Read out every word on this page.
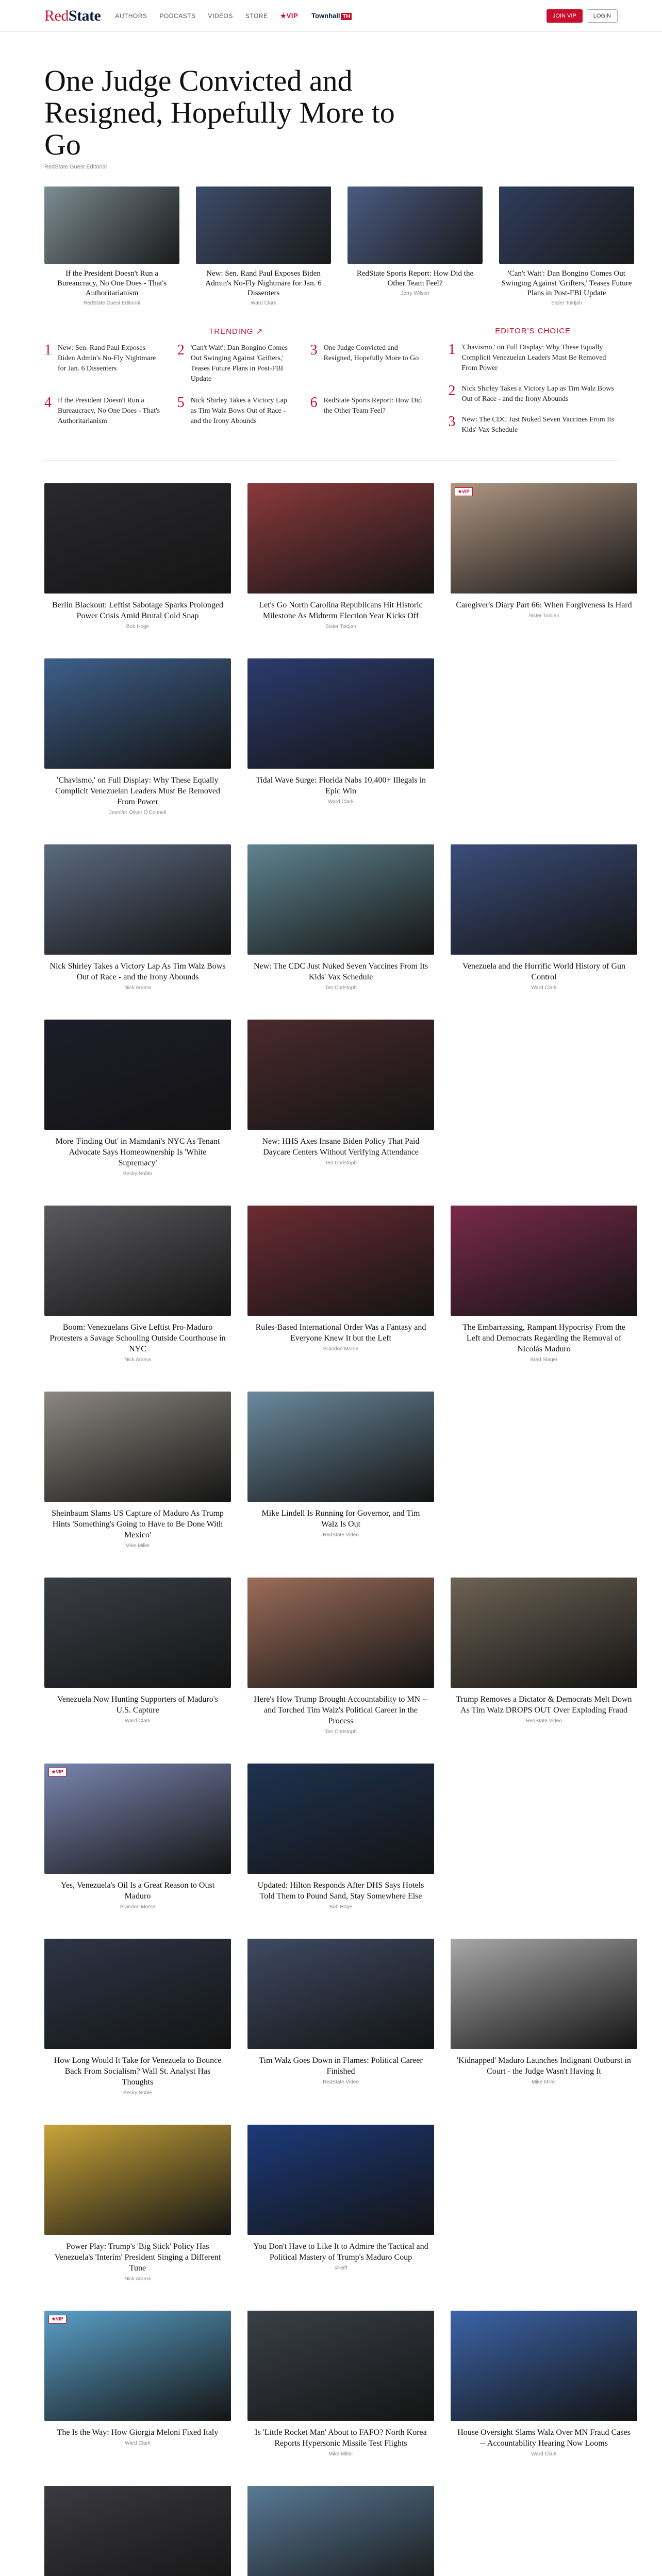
RedState AUTHORS PODCASTS VIDEOS STORE ★VIP Townhall TH	JOIN VIP	LOGIN
One Judge Convicted and Resigned, Hopefully More to Go
RedState Guest Editorial
If the President Doesn't Run a Bureaucracy, No One Does - That's Authoritarianism
RedState Guest Editorial
New: Sen. Rand Paul Exposes Biden Admin's No-Fly Nightmare for Jan. 6 Dissenters
Ward Clark
RedState Sports Report: How Did the Other Team Feel?
Jerry Wilson
'Can't Wait': Dan Bongino Comes Out Swinging Against 'Grifters,' Teases Future Plans in Post-FBI Update
Sister Toldjah
TRENDING ↗
1 New: Sen. Rand Paul Exposes Biden Admin's No-Fly Nightmare for Jan. 6 Dissenters
2 'Can't Wait': Dan Bongino Comes Out Swinging Against 'Grifters,' Teases Future Plans in Post-FBI Update
3 One Judge Convicted and Resigned, Hopefully More to Go
4 If the President Doesn't Run a Bureaucracy, No One Does - That's Authoritarianism
5 Nick Shirley Takes a Victory Lap as Tim Walz Bows Out of Race - and the Irony Abounds
6 RedState Sports Report: How Did the Other Team Feel?
EDITOR'S CHOICE
1 'Chavismo,' on Full Display: Why These Equally Complicit Venezuelan Leaders Must Be Removed From Power
2 Nick Shirley Takes a Victory Lap as Tim Walz Bows Out of Race - and the Irony Abounds
3 New: The CDC Just Nuked Seven Vaccines From Its Kids' Vax Schedule
Berlin Blackout: Leftist Sabotage Sparks Prolonged Power Crisis Amid Brutal Cold Snap
Bob Hoge
Let's Go North Carolina Republicans Hit Historic Milestone As Midterm Election Year Kicks Off
Sister Toldjah
★VIP
Caregiver's Diary Part 66: When Forgiveness Is Hard
Sister Toldjah
'Chavismo,' on Full Display: Why These Equally Complicit Venezuelan Leaders Must Be Removed From Power
Jennifer Oliver O'Connell
Tidal Wave Surge: Florida Nabs 10,400+ Illegals in Epic Win
Ward Clark
Nick Shirley Takes a Victory Lap As Tim Walz Bows Out of Race - and the Irony Abounds
Nick Arama
New: The CDC Just Nuked Seven Vaccines From Its Kids' Vax Schedule
Teri Christoph
Venezuela and the Horrific World History of Gun Control
Ward Clark
More 'Finding Out' in Mamdani's NYC As Tenant Advocate Says Homeownership Is 'White Supremacy'
Becky Noble
New: HHS Axes Insane Biden Policy That Paid Daycare Centers Without Verifying Attendance
Teri Christoph
Boom: Venezuelans Give Leftist Pro-Maduro Protesters a Savage Schooling Outside Courthouse in NYC
Nick Arama
Rules-Based International Order Was a Fantasy and Everyone Knew It but the Left
Brandon Morse
The Embarrassing, Rampant Hypocrisy From the Left and Democrats Regarding the Removal of Nicolás Maduro
Brad Slager
Sheinbaum Slams US Capture of Maduro As Trump Hints 'Something's Going to Have to Be Done With Mexico'
Mike Miller
Mike Lindell Is Running for Governor, and Tim Walz Is Out
RedState Video
Venezuela Now Hunting Supporters of Maduro's U.S. Capture
Ward Clark
Here's How Trump Brought Accountability to MN -- and Torched Tim Walz's Political Career in the Process
Teri Christoph
Trump Removes a Dictator & Democrats Melt Down As Tim Walz DROPS OUT Over Exploding Fraud
RedState Video
★VIP
Yes, Venezuela's Oil Is a Great Reason to Oust Maduro
Brandon Morse
Updated: Hilton Responds After DHS Says Hotels Told Them to Pound Sand, Stay Somewhere Else
Bob Hoge
How Long Would It Take for Venezuela to Bounce Back From Socialism? Wall St. Analyst Has Thoughts
Becky Noble
Tim Walz Goes Down in Flames: Political Career Finished
RedState Video
'Kidnapped' Maduro Launches Indignant Outburst in Court - the Judge Wasn't Having It
Mike Miller
Power Play: Trump's 'Big Stick' Policy Has Venezuela's 'Interim' President Singing a Different Tune
Nick Arama
You Don't Have to Like It to Admire the Tactical and Political Mastery of Trump's Maduro Coup
streiff
★VIP
The Is the Way: How Giorgia Meloni Fixed Italy
Ward Clark
Is 'Little Rocket Man' About to FAFO? North Korea Reports Hypersonic Missile Test Flights
Mike Miller
House Oversight Slams Walz Over MN Fraud Cases -- Accountability Hearing Now Looms
Ward Clark
